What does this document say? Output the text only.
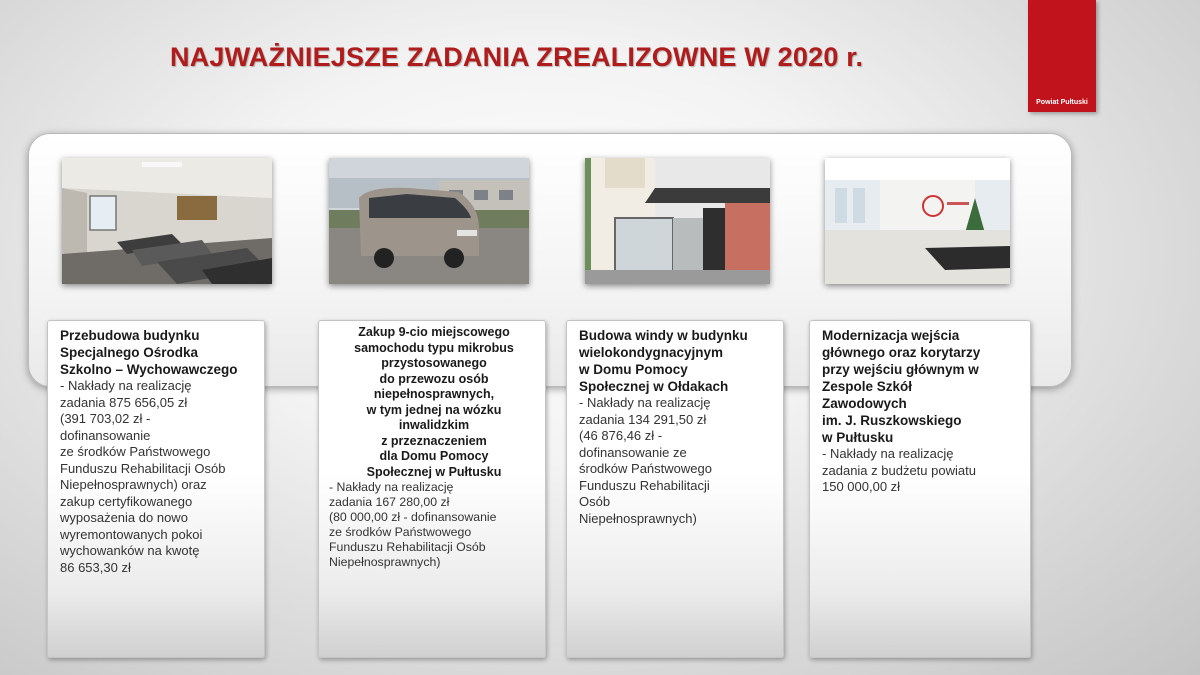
NAJWAŻNIEJSZE ZADANIA ZREALIZOWNE W 2020 r.
Powiat Pułtuski
Przebudowa budynku
Specjalnego Ośrodka
Szkolno – Wychowawczego
- Nakłady na realizację
zadania 875 656,05 zł
(391 703,02 zł -
dofinansowanie
ze środków Państwowego
Funduszu Rehabilitacji Osób
Niepełnosprawnych) oraz
zakup certyfikowanego
wyposażenia do nowo
wyremontowanych pokoi
wychowanków na kwotę
86 653,30 zł
Zakup 9-cio miejscowego
samochodu typu mikrobus
przystosowanego
do przewozu osób
niepełnosprawnych,
w tym jednej na wózku
inwalidzkim
z przeznaczeniem
dla Domu Pomocy
Społecznej w Pułtusku
- Nakłady na realizację
zadania 167 280,00 zł
(80 000,00 zł - dofinansowanie
ze środków Państwowego
Funduszu Rehabilitacji Osób
Niepełnosprawnych)
Budowa windy w budynku
wielokondygnacyjnym
w Domu Pomocy
Społecznej w Ołdakach
- Nakłady na realizację
zadania 134 291,50 zł
(46 876,46 zł -
dofinansowanie ze
środków Państwowego
Funduszu Rehabilitacji
Osób
Niepełnosprawnych)
Modernizacja wejścia
głównego oraz korytarzy
przy wejściu głównym w
Zespole Szkół
Zawodowych
im. J. Ruszkowskiego
w Pułtusku
- Nakłady na realizację
zadania z budżetu powiatu
150 000,00 zł
